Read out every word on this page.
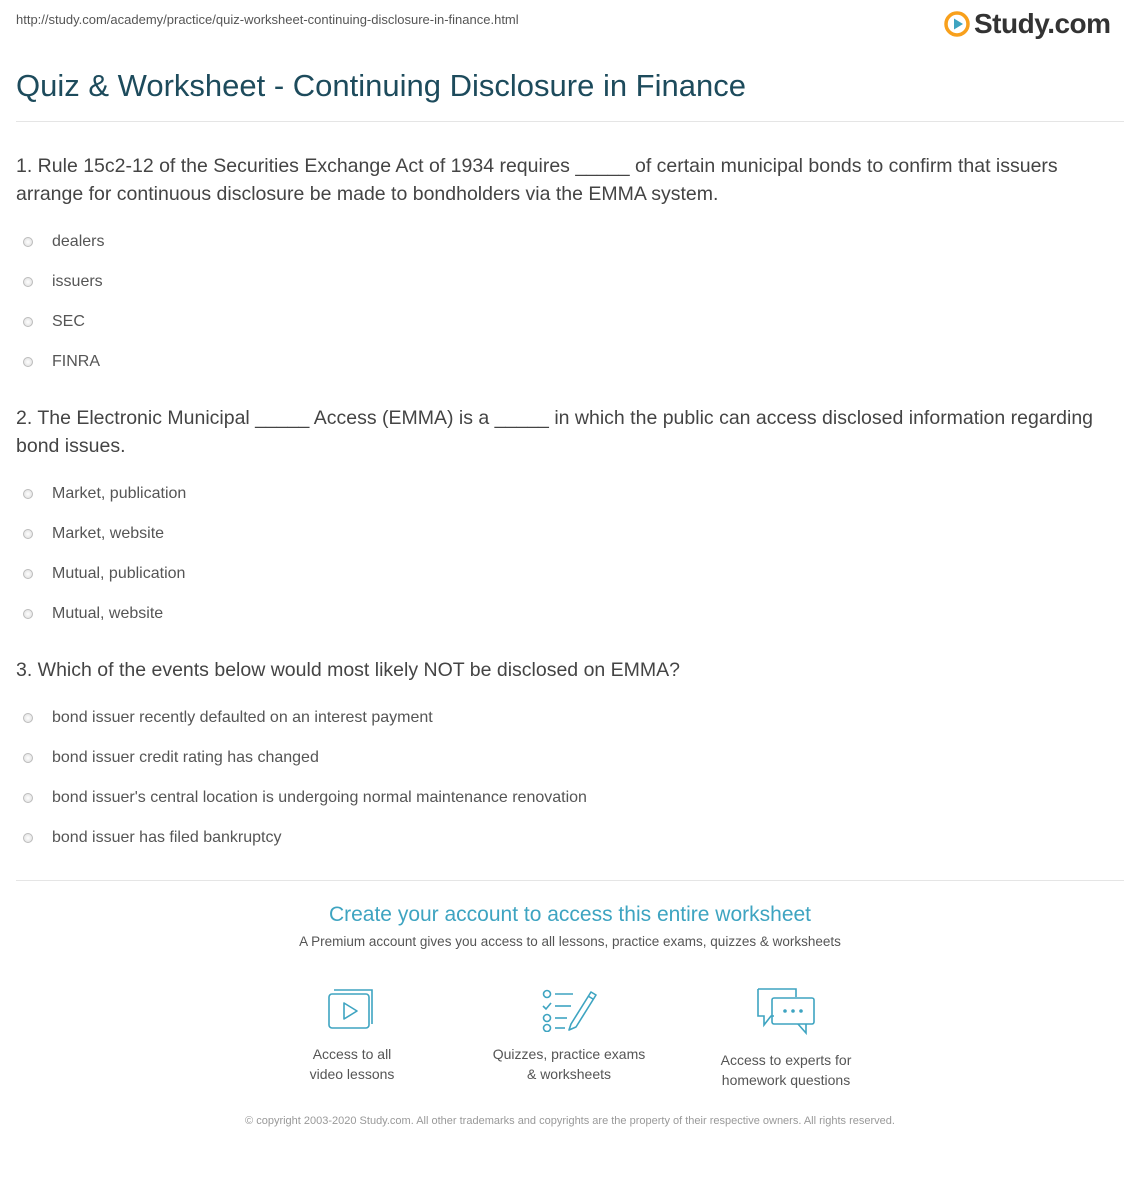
http://study.com/academy/practice/quiz-worksheet-continuing-disclosure-in-finance.html	Study.com
Quiz & Worksheet - Continuing Disclosure in Finance

1. Rule 15c2-12 of the Securities Exchange Act of 1934 requires _____ of certain municipal bonds to confirm that issuers arrange for continuous disclosure be made to bondholders via the EMMA system.

dealers
issuers
SEC
FINRA

2. The Electronic Municipal _____ Access (EMMA) is a _____ in which the public can access disclosed information regarding bond issues.

Market, publication
Market, website
Mutual, publication
Mutual, website

3. Which of the events below would most likely NOT be disclosed on EMMA?

bond issuer recently defaulted on an interest payment
bond issuer credit rating has changed
bond issuer's central location is undergoing normal maintenance renovation
bond issuer has filed bankruptcy
Create your account to access this entire worksheet
A Premium account gives you access to all lessons, practice exams, quizzes & worksheets
Access to all
video lessons
Quizzes, practice exams
& worksheets
Access to experts for
homework questions
© copyright 2003-2020 Study.com. All other trademarks and copyrights are the property of their respective owners. All rights reserved.
